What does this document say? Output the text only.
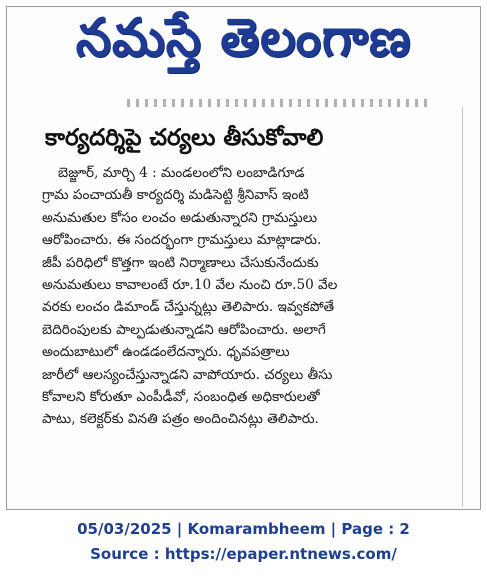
నమస్తే తెలంగాణ
కార్యదర్శిపై చర్యలు తీసుకోవాలి
బెజ్జూర్, మార్చి 4 : మండలంలోని లంబాడిగూడ
గ్రామ పంచాయతీ కార్యదర్శి మడిసెట్టి శ్రీనివాస్ ఇంటి
అనుమతుల కోసం లంచం అడుతున్నారని గ్రామస్తులు
ఆరోపించారు. ఈ సందర్భంగా గ్రామస్తులు మాట్లాడారు.
జీపీ పరిధిలో కొత్తగా ఇంటి నిర్మాణాలు చేసుకునేందుకు
అనుమతులు కావాలంటే రూ.10 వేల నుంచి రూ.50 వేల
వరకు లంచం డిమాండ్ చేస్తున్నట్లు తెలిపారు. ఇవ్వకపోతే
బెదిరింపులకు పాల్పడుతున్నాడని ఆరోపించారు. అలాగే
అందుబాటులో ఉండడంలేదన్నారు. ధృవపత్రాలు
జారీలో ఆలస్యంచేస్తున్నాడని వాపోయారు. చర్యలు తీసు
కోవాలని కోరుతూ ఎంపీడీవో, సంబంధిత అధికారులతో
పాటు, కలెక్టర్‌కు వినతి పత్రం అందించినట్లు తెలిపారు.
05/03/2025 | Komarambheem | Page : 2
Source : https://epaper.ntnews.com/
